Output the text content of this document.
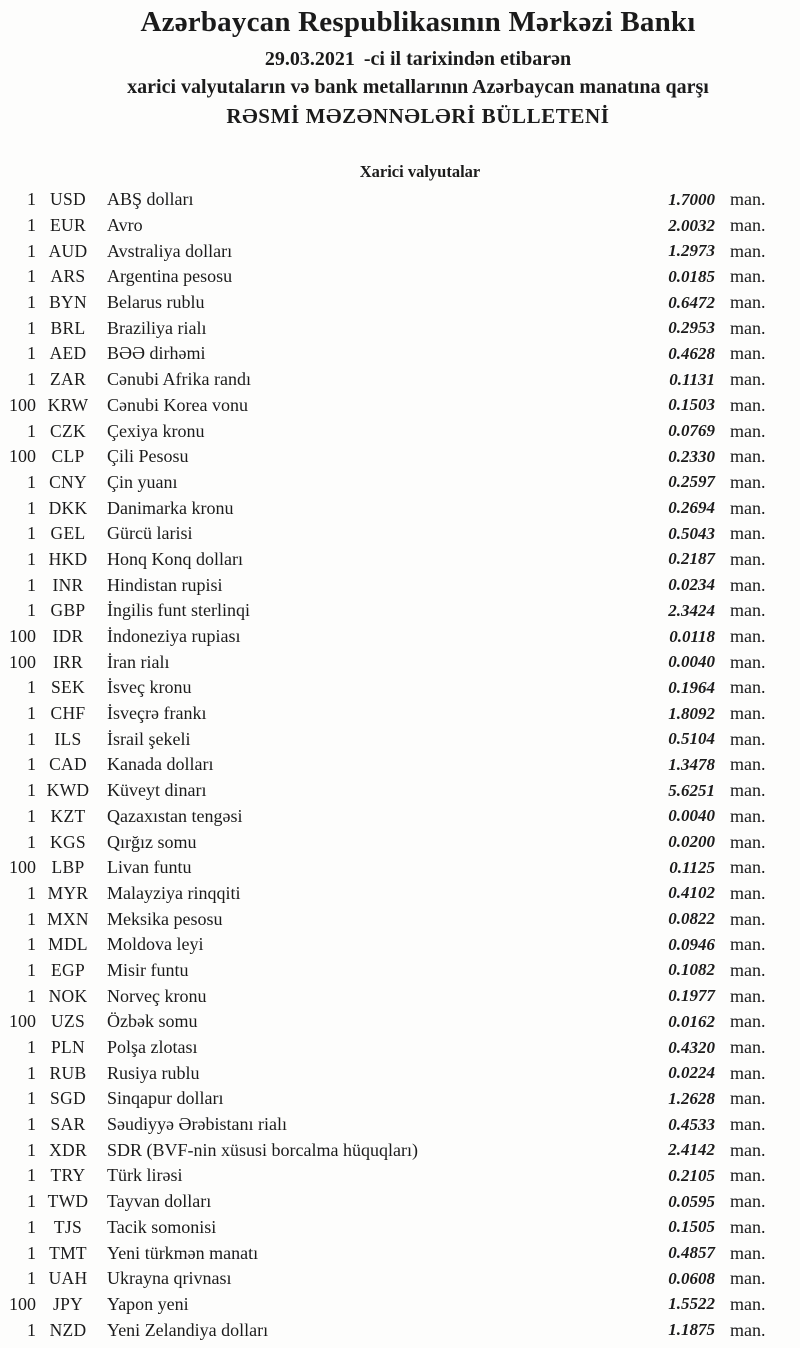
Azərbaycan Respublikasının Mərkəzi Bankı
29.03.2021 -ci il tarixindən etibarən
xarici valyutaların və bank metallarının Azərbaycan manatına qarşı
RƏSMİ MƏZƏNNƏLƏRİ BÜLLETENİ
Xarici valyutalar
1 USD	ABŞ dolları	1.7000 man.
1 EUR	Avro	2.0032 man.
1 AUD	Avstraliya dolları	1.2973 man.
1 ARS	Argentina pesosu	0.0185 man.
1 BYN	Belarus rublu	0.6472 man.
1 BRL	Braziliya rialı	0.2953 man.
1 AED	BƏƏ dirhəmi	0.4628 man.
1 ZAR	Cənubi Afrika randı	0.1131 man.
100 KRW	Cənubi Korea vonu	0.1503 man.
1 CZK	Çexiya kronu	0.0769 man.
100 CLP	Çili Pesosu	0.2330 man.
1 CNY	Çin yuanı	0.2597 man.
1 DKK	Danimarka kronu	0.2694 man.
1 GEL	Gürcü larisi	0.5043 man.
1 HKD	Honq Konq dolları	0.2187 man.
1 INR	Hindistan rupisi	0.0234 man.
1 GBP	İngilis funt sterlinqi	2.3424 man.
100 IDR	İndoneziya rupiası	0.0118 man.
100 IRR	İran rialı	0.0040 man.
1 SEK	İsveç kronu	0.1964 man.
1 CHF	İsveçrə frankı	1.8092 man.
1	ILS	İsrail şekeli	0.5104 man.
1 CAD	Kanada dolları	1.3478 man.
1 KWD Küveyt dinarı	5.6251 man.
1 KZT	Qazaxıstan tengəsi	0.0040 man.
1 KGS	Qırğız somu	0.0200 man.
100 LBP	Livan funtu	0.1125 man.
1 MYR	Malayziya rinqqiti	0.4102 man.
1 MXN	Meksika pesosu	0.0822 man.
1 MDL	Moldova leyi	0.0946 man.
1 EGP	Misir funtu	0.1082 man.
1 NOK	Norveç kronu	0.1977 man.
100 UZS	Özbək somu	0.0162 man.
1 PLN	Polşa zlotası	0.4320 man.
1 RUB	Rusiya rublu	0.0224 man.
1 SGD	Sinqapur dolları	1.2628 man.
1 SAR	Səudiyyə Ərəbistanı rialı	0.4533 man.
1 XDR	SDR (BVF-nin xüsusi borcalma hüquqları)	2.4142 man.
1 TRY	Türk lirəsi	0.2105 man.
1 TWD	Tayvan dolları	0.0595 man.
1	TJS	Tacik somonisi	0.1505 man.
1 TMT	Yeni türkmən manatı	0.4857 man.
1 UAH	Ukrayna qrivnası	0.0608 man.
100 JPY	Yapon yeni	1.5522 man.
1 NZD	Yeni Zelandiya dolları	1.1875 man.
